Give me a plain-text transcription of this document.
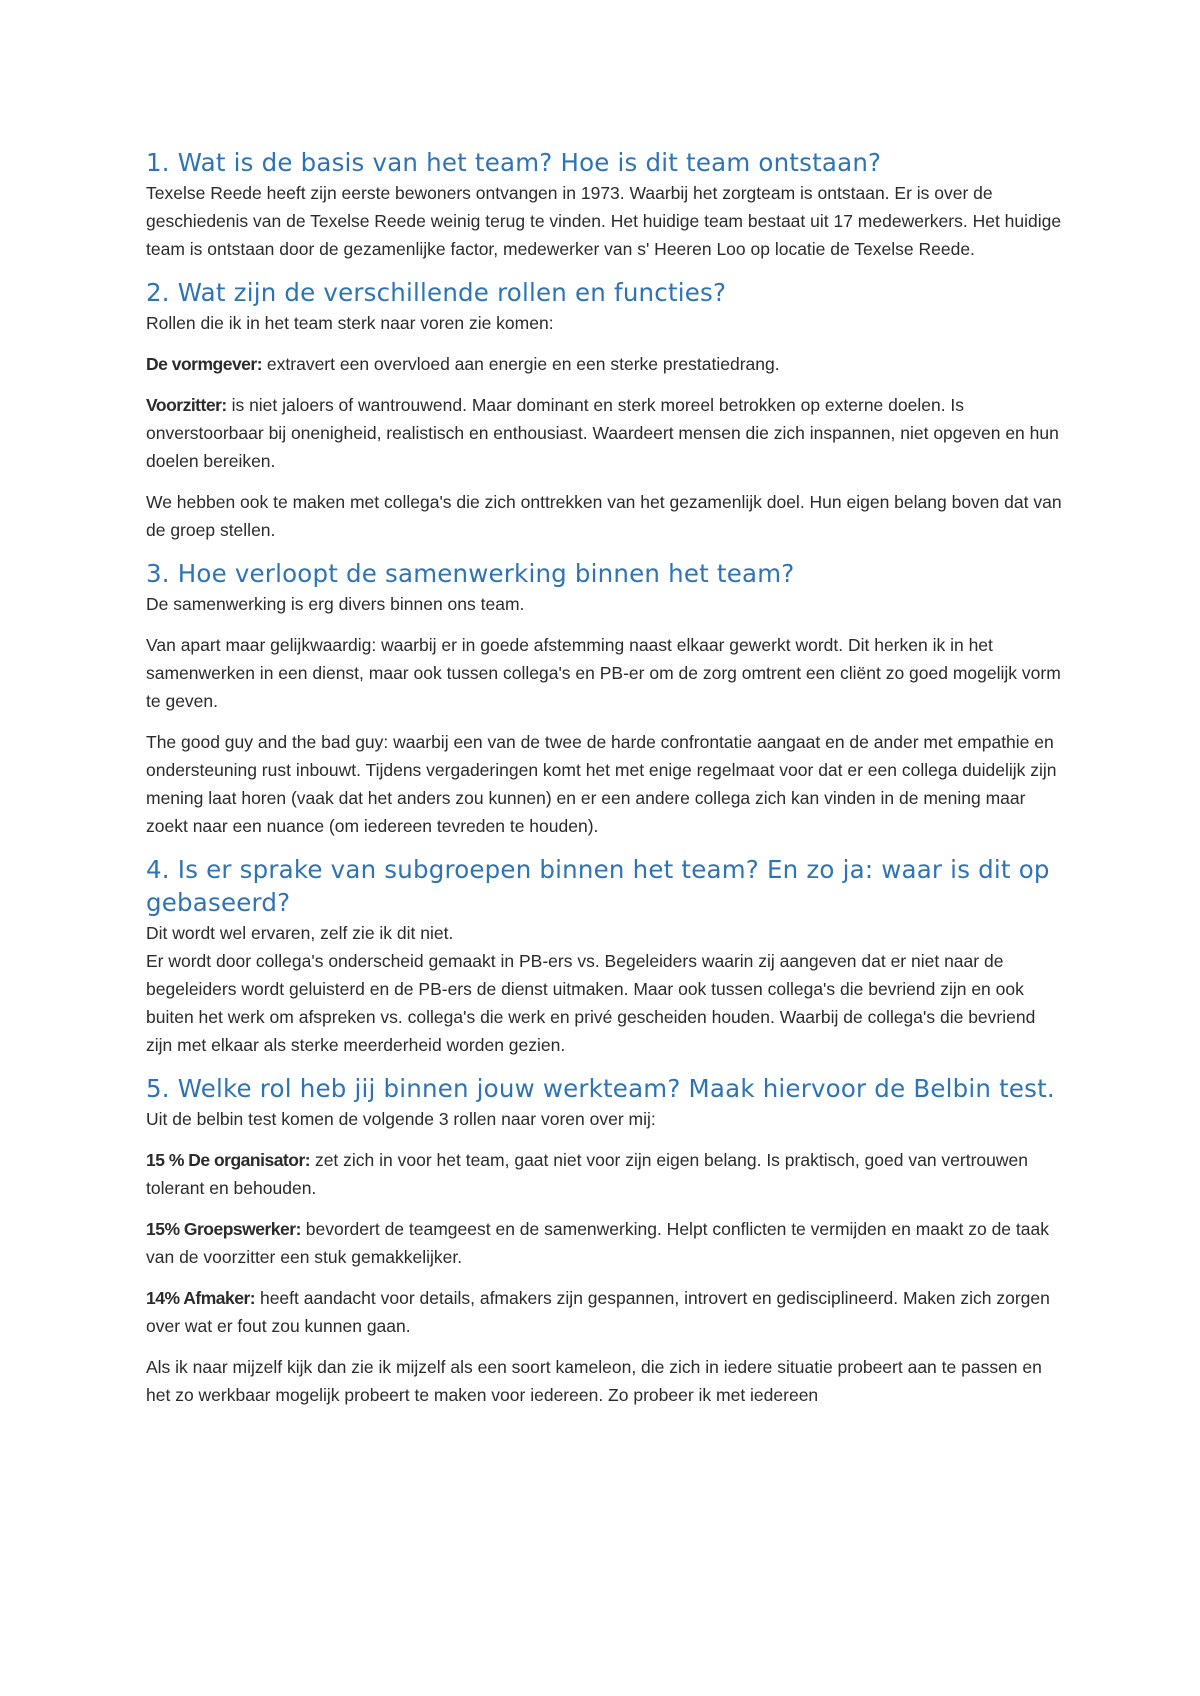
1. Wat is de basis van het team? Hoe is dit team ontstaan?

Texelse Reede heeft zijn eerste bewoners ontvangen in 1973. Waarbij het zorgteam is ontstaan. Er is over de geschiedenis van de Texelse Reede weinig terug te vinden. Het huidige team bestaat uit 17 medewerkers. Het huidige team is ontstaan door de gezamenlijke factor, medewerker van s' Heeren Loo op locatie de Texelse Reede.

2. Wat zijn de verschillende rollen en functies?

Rollen die ik in het team sterk naar voren zie komen:

De vormgever: extravert een overvloed aan energie en een sterke prestatiedrang.

Voorzitter: is niet jaloers of wantrouwend. Maar dominant en sterk moreel betrokken op externe doelen. Is onverstoorbaar bij onenigheid, realistisch en enthousiast. Waardeert mensen die zich inspannen, niet opgeven en hun doelen bereiken.

We hebben ook te maken met collega's die zich onttrekken van het gezamenlijk doel. Hun eigen belang boven dat van de groep stellen.

3. Hoe verloopt de samenwerking binnen het team?

De samenwerking is erg divers binnen ons team.

Van apart maar gelijkwaardig: waarbij er in goede afstemming naast elkaar gewerkt wordt. Dit herken ik in het samenwerken in een dienst, maar ook tussen collega's en PB-er om de zorg omtrent een cliënt zo goed mogelijk vorm te geven.

The good guy and the bad guy: waarbij een van de twee de harde confrontatie aangaat en de ander met empathie en ondersteuning rust inbouwt. Tijdens vergaderingen komt het met enige regelmaat voor dat er een collega duidelijk zijn mening laat horen (vaak dat het anders zou kunnen) en er een andere collega zich kan vinden in de mening maar zoekt naar een nuance (om iedereen tevreden te houden).

4. Is er sprake van subgroepen binnen het team? En zo ja: waar is dit op gebaseerd?

Dit wordt wel ervaren, zelf zie ik dit niet.

Er wordt door collega's onderscheid gemaakt in PB-ers vs. Begeleiders waarin zij aangeven dat er niet naar de begeleiders wordt geluisterd en de PB-ers de dienst uitmaken. Maar ook tussen collega's die bevriend zijn en ook buiten het werk om afspreken vs. collega's die werk en privé gescheiden houden. Waarbij de collega's die bevriend zijn met elkaar als sterke meerderheid worden gezien.

5. Welke rol heb jij binnen jouw werkteam? Maak hiervoor de Belbin test.

Uit de belbin test komen de volgende 3 rollen naar voren over mij:

15 % De organisator: zet zich in voor het team, gaat niet voor zijn eigen belang. Is praktisch, goed van vertrouwen tolerant en behouden.

15% Groepswerker: bevordert de teamgeest en de samenwerking. Helpt conflicten te vermijden en maakt zo de taak van de voorzitter een stuk gemakkelijker.

14% Afmaker: heeft aandacht voor details, afmakers zijn gespannen, introvert en gedisciplineerd. Maken zich zorgen over wat er fout zou kunnen gaan.

Als ik naar mijzelf kijk dan zie ik mijzelf als een soort kameleon, die zich in iedere situatie probeert aan te passen en het zo werkbaar mogelijk probeert te maken voor iedereen. Zo probeer ik met iedereen
